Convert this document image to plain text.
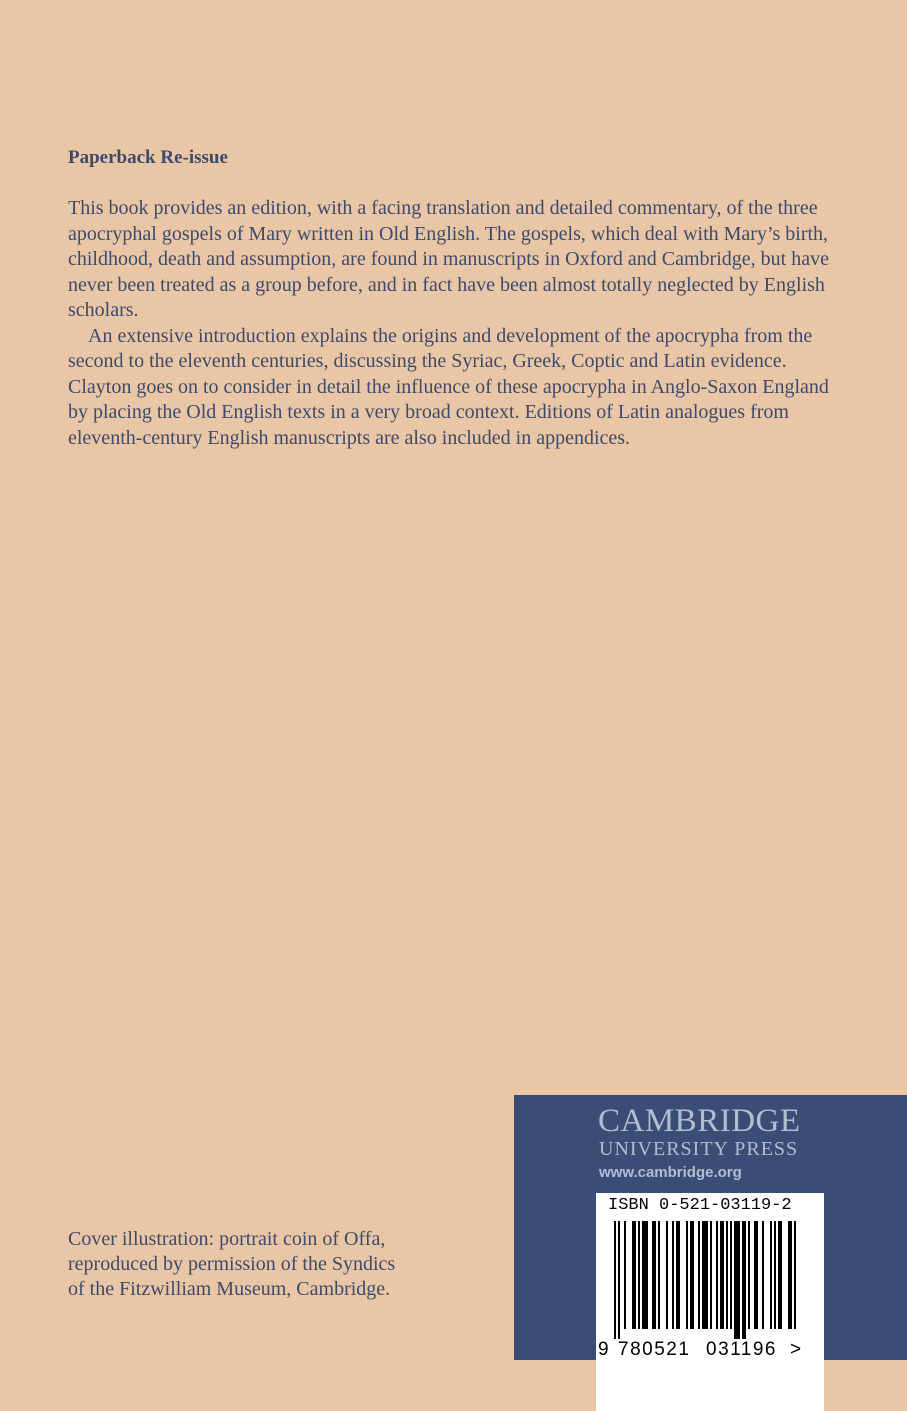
Paperback Re-issue

This book provides an edition, with a facing translation and detailed commentary, of the three apocryphal gospels of Mary written in Old English. The gospels, which deal with Mary’s birth, childhood, death and assumption, are found in manuscripts in Oxford and Cambridge, but have never been treated as a group before, and in fact have been almost totally neglected by English scholars.

An extensive introduction explains the origins and development of the apocrypha from the second to the eleventh centuries, discussing the Syriac, Greek, Coptic and Latin evidence. Clayton goes on to consider in detail the influence of these apocrypha in Anglo-Saxon England by placing the Old English texts in a very broad context. Editions of Latin analogues from eleventh-century English manuscripts are also included in appendices.

Cover illustration: portrait coin of Offa,
reproduced by permission of the Syndics
of the Fitzwilliam Museum, Cambridge.
CAMBRIDGE
UNIVERSITY PRESS
www.cambridge.org
ISBN 0-521-03119-2
9 780521 031196 >
